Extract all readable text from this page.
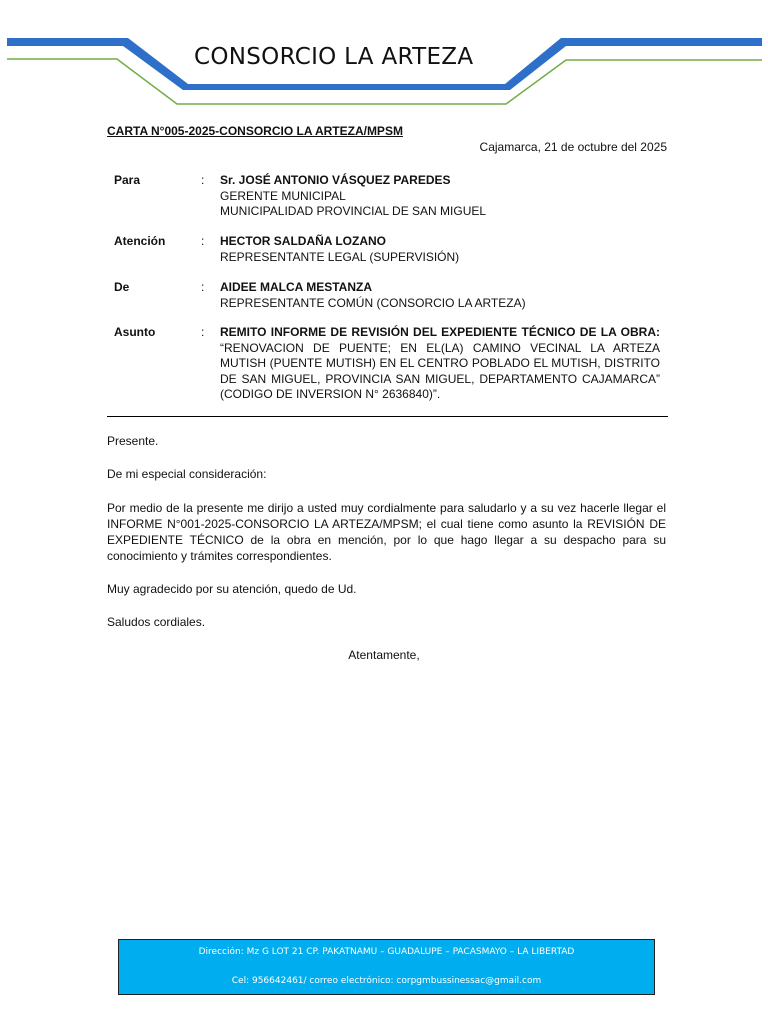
CONSORCIO LA ARTEZA
CARTA N°005-2025-CONSORCIO LA ARTEZA/MPSM
Cajamarca, 21 de octubre del 2025
Para	: Sr. JOSÉ ANTONIO VÁSQUEZ PAREDES
GERENTE MUNICIPAL
MUNICIPALIDAD PROVINCIAL DE SAN MIGUEL
Atención	: HECTOR SALDAÑA LOZANO
REPRESENTANTE LEGAL (SUPERVISIÓN)
De	: AIDEE MALCA MESTANZA
REPRESENTANTE COMÚN (CONSORCIO LA ARTEZA)
Asunto	: REMITO INFORME DE REVISIÓN DEL EXPEDIENTE TÉCNICO DE LA OBRA:
“RENOVACION DE PUENTE; EN EL(LA) CAMINO VECINAL LA ARTEZA MUTISH (PUENTE MUTISH) EN EL CENTRO POBLADO EL MUTISH, DISTRITO DE SAN MIGUEL, PROVINCIA SAN MIGUEL, DEPARTAMENTO CAJAMARCA” (CODIGO DE INVERSION N° 2636840)”.
Presente.
De mi especial consideración:
Por medio de la presente me dirijo a usted muy cordialmente para saludarlo y a su vez hacerle llegar el INFORME N°001-2025-CONSORCIO LA ARTEZA/MPSM; el cual tiene como asunto la REVISIÓN DE EXPEDIENTE TÉCNICO de la obra en mención, por lo que hago llegar a su despacho para su conocimiento y trámites correspondientes.
Muy agradecido por su atención, quedo de Ud.
Saludos cordiales.
Atentamente,
Dirección: Mz G LOT 21 CP. PAKATNAMU – GUADALUPE – PACASMAYO – LA LIBERTAD
Cel: 956642461/ correo electrónico: corpgmbussinessac@gmail.com
